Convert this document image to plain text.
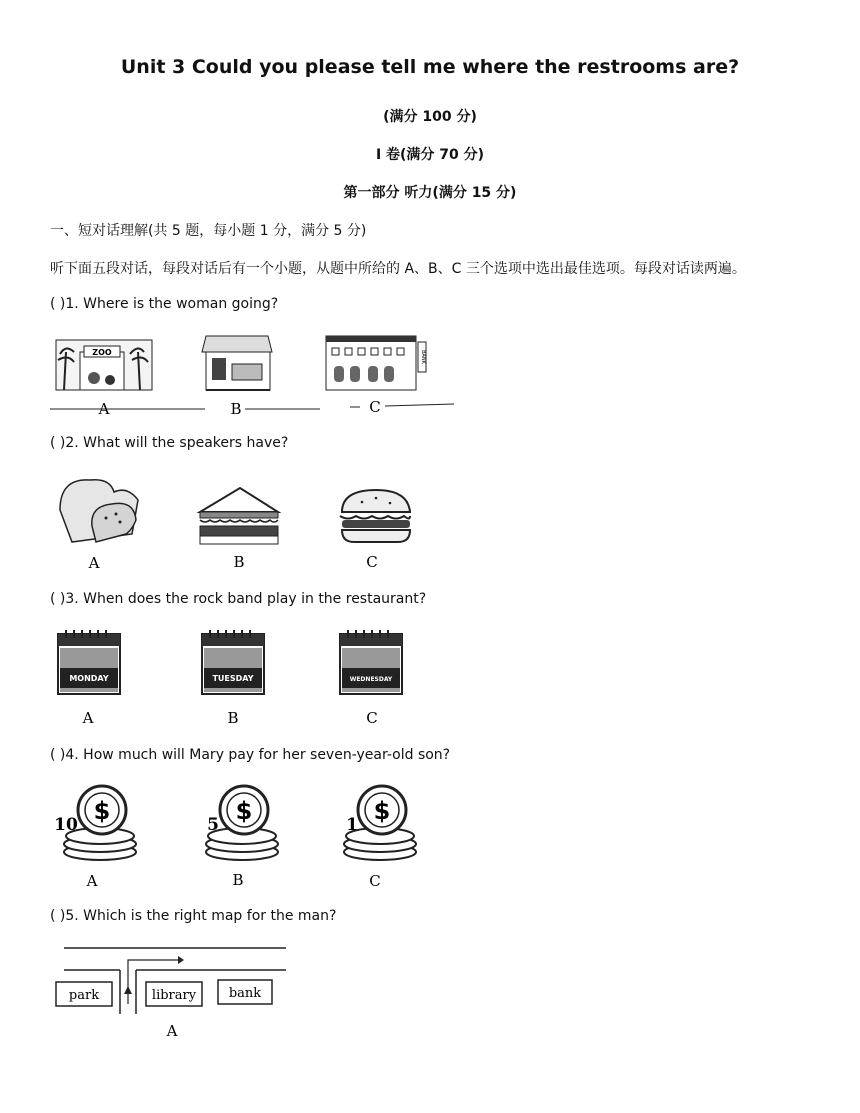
Unit 3 Could you please tell me where the restrooms are?
(满分 100 分)
I 卷(满分 70 分)
第一部分 听力(满分 15 分)
一、短对话理解(共 5 题，每小题 1 分，满分 5 分)
听下面五段对话，每段对话后有一个小题，从题中所给的 A、B、C 三个选项中选出最佳选项。每段对话读两遍。
( )1. Where is the woman going?
ZOO	BANK
A	B	C
( )2. What will the speakers have?
A	B	C
( )3. When does the rock band play in the restaurant?
MONDAY	TUESDAY	WEDNESDAY
A	B	C
( )4. How much will Mary pay for her seven-year-old son?
$
10	$
5	$
1
A	B	C
( )5. Which is the right map for the man?
park	library	bank
A
